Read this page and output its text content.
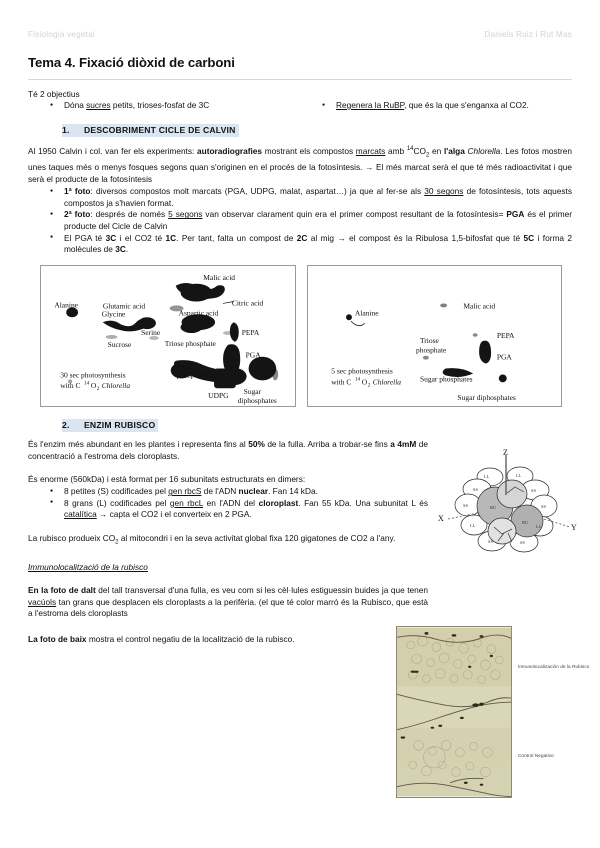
Fisiologia vegetal	Daniela Ruiz i Rut Mas
Tema 4. Fixació diòxid de carboni
Té 2 objectius
● Dóna sucres petits, trioses-fosfat de 3C	● Regenera la RuBP, que és la que s'enganxa al CO2.
1. DESCOBRIMENT CICLE DE CALVIN

Al 1950 Calvin i col. van fer els experiments: autoradiografies mostrant els compostos marcats amb $^{14}CO_2$ en l'alga Chlorella. Les fotos mostren unes taques més o menys fosques segons quan s'originen en el procés de la fotosíntesis. → El més marcat serà el que té més radioactivitat i que serà el producte de la fotosíntesis

● 1ª foto: diversos compostos molt marcats (PGA, UDPG, malat, aspartat…) ja que al fer-se als 30 segons de fotosíntesis, tots aquests compostos ja s'havien format.
● 2ª foto: després de només 5 segons van observar clarament quin era el primer compost resultant de la fotosíntesis= PGA és el primer producte del Cicle de Calvin
● El PGA té 3C i el CO2 té 1C. Per tant, falta un compost de 2C al mig → el compost és la Ribulosa 1,5-bifosfat que té 5C i forma 2 molècules de 3C.
Alanine
Glycine
Serine
Sucrose
Glutamic acid
Aspartic acid
Malic acid
Citric acid
Triose phosphate
PEPA
PGA
Sugar
phosphates
UDPG Sugar
diphosphates
30 sec photosynthesis
with C 14 O 2 Chlorella
Alanine
Malic acid
Triose
phosphate
PEPA
PGA
Sugar phosphates
Sugar diphosphates
5 sec photosynthesis
with C 14 O 2 Chlorella
2. ENZIM RUBISCO
Z
X
Y
LL	LL
SS	SS
SS	SS
LL	LL
SS	SS
RU
RU

És l'enzim més abundant en les plantes i representa fins al 50% de la fulla. Arriba a trobar-se fins a 4mM de concentració a l'estroma dels cloroplasts.

És enorme (560kDa) i està format per 16 subunitats estructurats en dimers:

● 8 petites (S) codificades pel gen rbcS de l'ADN nuclear. Fan 14 kDa.
● 8 grans (L) codificades pel gen rbcL en l'ADN del cloroplast. Fan 55 kDa. Una subunitat L és catalítica → capta el CO2 i el converteix en 2 PGA.

La rubisco produeix $CO_2$ al mitocondri i en la seva activitat global fixa 120 gigatones de CO2 a l'any.

Immunolocalització de la rubisco

En la foto de dalt del tall transversal d'una fulla, es veu com si les cèl·lules estiguessin buides ja que tenen vacúols tan grans que desplacen els cloroplasts a la perifèria. (el que té color marró és la Rubisco, que està a l'estroma dels cloroplasts

La foto de baix mostra el control negatiu de la localització de la rubisco.

Inmunolocalización de la Rubisco
Control Negativo
